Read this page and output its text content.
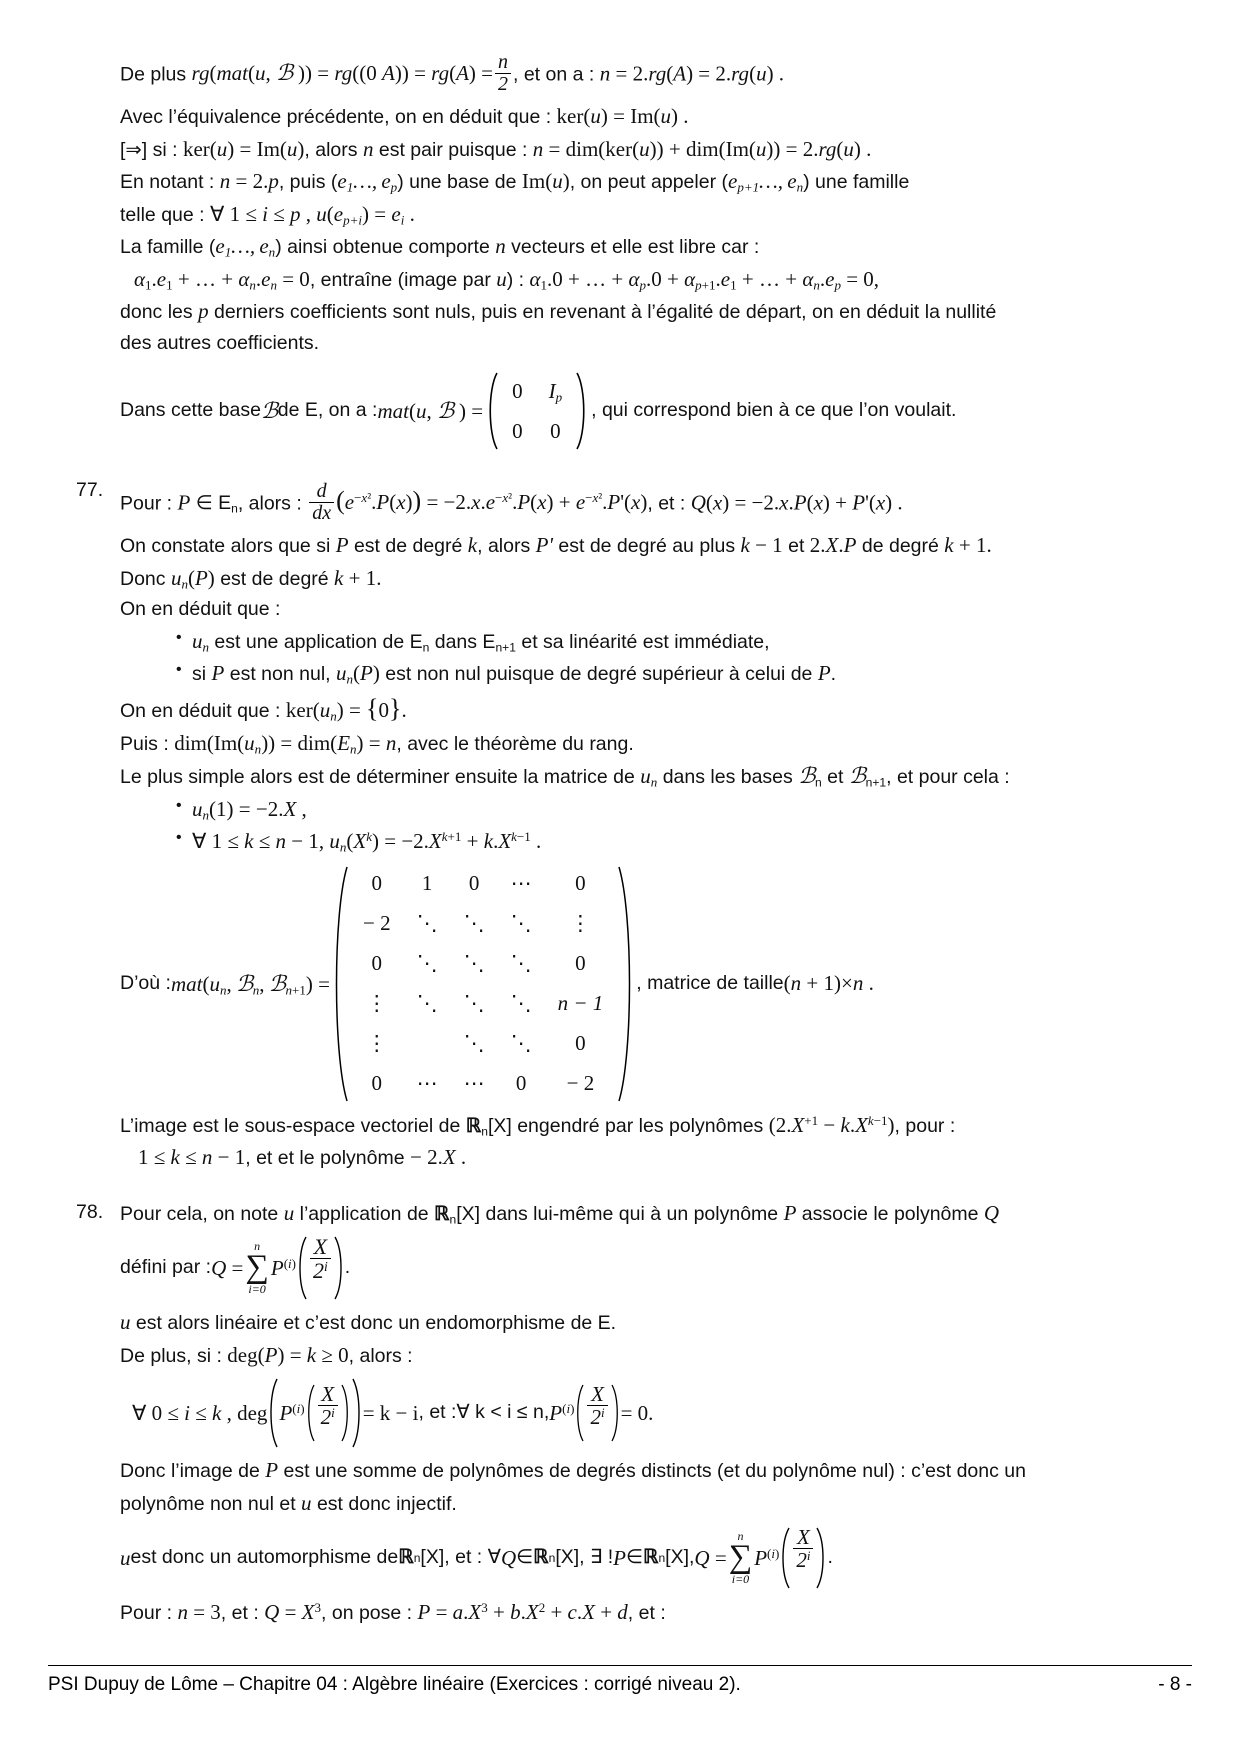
De plus rg(mat(u, ℬ )) = rg((0 $A)) = rg(A) = \frac{n}{2}$ , et on a : n = 2.rg(A) = 2.rg(u) .
Avec l’équivalence précédente, on en déduit que : ker(u) = Im(u) .
[⇒] si : ker(u) = Im(u), alors n est pair puisque : n = dim(ker(u)) + dim(Im(u)) = 2.rg(u) .
En notant : n = 2.p, puis ($e_1\dots$, $e_p$) une base de Im(u), on peut appeler ($e_{p+1}\dots$, $e_n$) une famille
telle que : ∀ 1 ≤ i ≤ p , $u(e_{p+i}) = e_i$ .
La famille ($e_1\dots$, $e_n$) ainsi obtenue comporte n vecteurs et elle est libre car :
$\alpha_1.e_1$ + … + $\alpha_n.e_n = 0$, entraîne (image par u) : $\alpha_1.0$ + … + $\alpha_p.0 + \alpha_{p+1}.e_1$ + … + $\alpha_n.e_p = 0$,
donc les p derniers coefficients sont nuls, puis en revenant à l’égalité de départ, on en déduit la nullité
des autres coefficients.
Dans cette base ℬ de E, on a : mat(u, ℬ ) =
0	$I_p$
0	0
, qui correspond bien à ce que l’on voulait.
77.
Pour : P ∈ $E_n$, alors : $\frac{d}{dx} (e^{-x^2}.P(x)) = -2.x.e^{-x^2}.P(x) + e^{-x^2}.P'(x)$, et : Q(x) = −2.x.P(x) + P'(x) .
On constate alors que si P est de degré k, alors P' est de degré au plus k − 1 et 2.X.P de degré k + 1.
Donc $u_n(P)$ est de degré k + 1.
On en déduit que :
• $u_n$ est une application de $E_n$ dans $E_{n+1}$ et sa linéarité est immédiate,
• si P est non nul, $u_n(P)$ est non nul puisque de degré supérieur à celui de P.
On en déduit que : $ker(u_n) = \{0\}$.
Puis : $dim(Im(u_n)) = dim(E_n) = n$, avec le théorème du rang.
Le plus simple alors est de déterminer ensuite la matrice de $u_n$ dans les bases ℬ$_n$ et ℬ$_{n+1}$, et pour cela :
• $u_n(1) = -2.X$ ,
• ∀ 1 ≤ k ≤ n − 1, $u_n(X^k) = -2.X^{k+1} + k.X^{k-1}$ .
D’où : $mat(u_n$, ℬ$_n$, ℬ$_{n+1}$) =
0	1	0	⋯	0
− 2	⋱	⋱	⋱	⋮
0	⋱	⋱	⋱	0
⋮	⋱	⋱	⋱	n − 1
⋮		⋱	⋱	0
0	⋯	⋯	0	− 2
, matrice de taille (n + 1)×n .
L’image est le sous-espace vectoriel de ℝ$_n$[X] engendré par les polynômes $(2.X^{+1} - k.X^{k-1})$, pour :
1 ≤ k ≤ n − 1, et et le polynôme − 2.X .
78. Pour cela, on note u l’application de ℝ$_n$[X] dans lui-même qui à un polynôme P associe le polynôme Q
défini par : Q =
n
∑
i=0
$P^{(i)} \frac{X}{2^i}$ .
u est alors linéaire et c’est donc un endomorphisme de E.
De plus, si : deg(P) = k ≥ 0, alors :
∀ 0 ≤ i ≤ k , deg $P^{(i)} \frac{X}{2^i} = k - i$ , et : ∀ k < i ≤ n, $P^{(i)} \frac{X}{2^i} = 0$.
Donc l’image de P est une somme de polynômes de degrés distincts (et du polynôme nul) : c’est donc un
polynôme non nul et u est donc injectif.
u est donc un automorphisme de ℝ n [X] , et : ∀ Q ∈ ℝ n [X] , ∃ ! P ∈ ℝ n [X] , Q =
n
∑
i=0
$P^{(i)} \frac{X}{2^i}$ .
Pour : n = 3, et : $Q = X^3$, on pose : $P = a.X^3 + b.X^2 + c.X + d$, et :
PSI Dupuy de Lôme – Chapitre 04 : Algèbre linéaire (Exercices : corrigé niveau 2).	- 8 -
